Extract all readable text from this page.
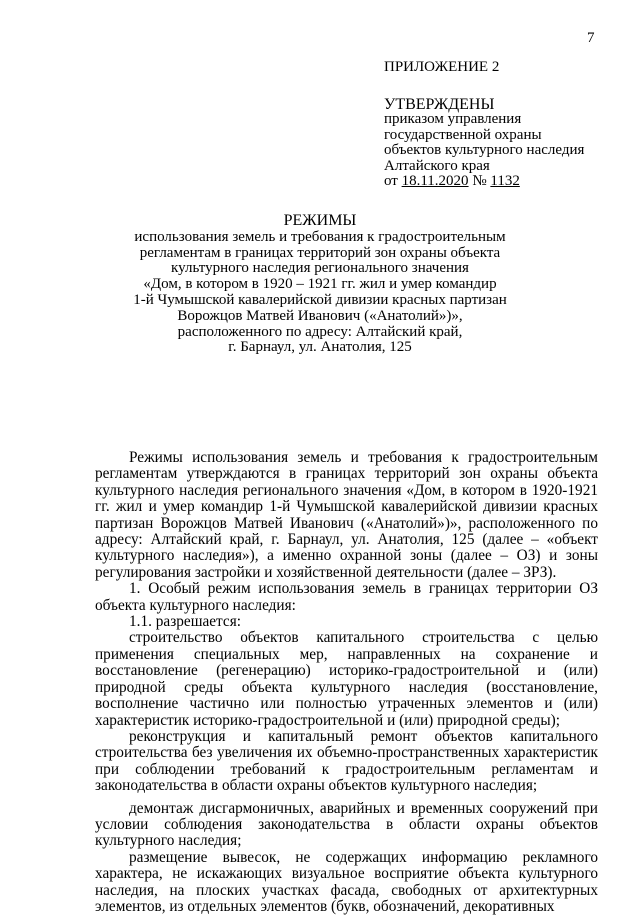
7
ПРИЛОЖЕНИЕ 2
УТВЕРЖДЕНЫ
приказом управления
государственной охраны
объектов культурного наследия
Алтайского края
от 18.11.2020 № 1132
РЕЖИМЫ
использования земель и требования к градостроительным
регламентам в границах территорий зон охраны объекта
культурного наследия регионального значения
«Дом, в котором в 1920 – 1921 гг. жил и умер командир
1-й Чумышской кавалерийской дивизии красных партизан
Ворожцов Матвей Иванович («Анатолий»)»,
расположенного по адресу: Алтайский край,
г. Барнаул, ул. Анатолия, 125

Режимы использования земель и требования к градостроительным регламентам утверждаются в границах территорий зон охраны объекта культурного наследия регионального значения «Дом, в котором в 1920-1921 гг. жил и умер командир 1-й Чумышской кавалерийской дивизии красных партизан Ворожцов Матвей Иванович («Анатолий»)», расположенного по адресу: Алтайский край, г. Барнаул, ул. Анатолия, 125 (далее – «объект культурного наследия»), а именно охранной зоны (далее – ОЗ) и зоны регулирования застройки и хозяйственной деятельности (далее – ЗРЗ).

1. Особый режим использования земель в границах территории ОЗ объекта культурного наследия:

1.1. разрешается:

строительство объектов капитального строительства с целью применения специальных мер, направленных на сохранение и восстановление (регенерацию) историко-градостроительной и (или) природной среды объекта культурного наследия (восстановление, восполнение частично или полностью утраченных элементов и (или) характеристик историко-градостроительной и (или) природной среды);

реконструкция и капитальный ремонт объектов капитального строительства без увеличения их объемно-пространственных характеристик при соблюдении требований к градостроительным регламентам и законодательства в области охраны объектов культурного наследия;

демонтаж дисгармоничных, аварийных и временных сооружений при условии соблюдения законодательства в области охраны объектов культурного наследия;

размещение вывесок, не содержащих информацию рекламного характера, не искажающих визуальное восприятие объекта культурного наследия, на плоских участках фасада, свободных от архитектурных элементов, из отдельных элементов (букв, обозначений, декоративных
